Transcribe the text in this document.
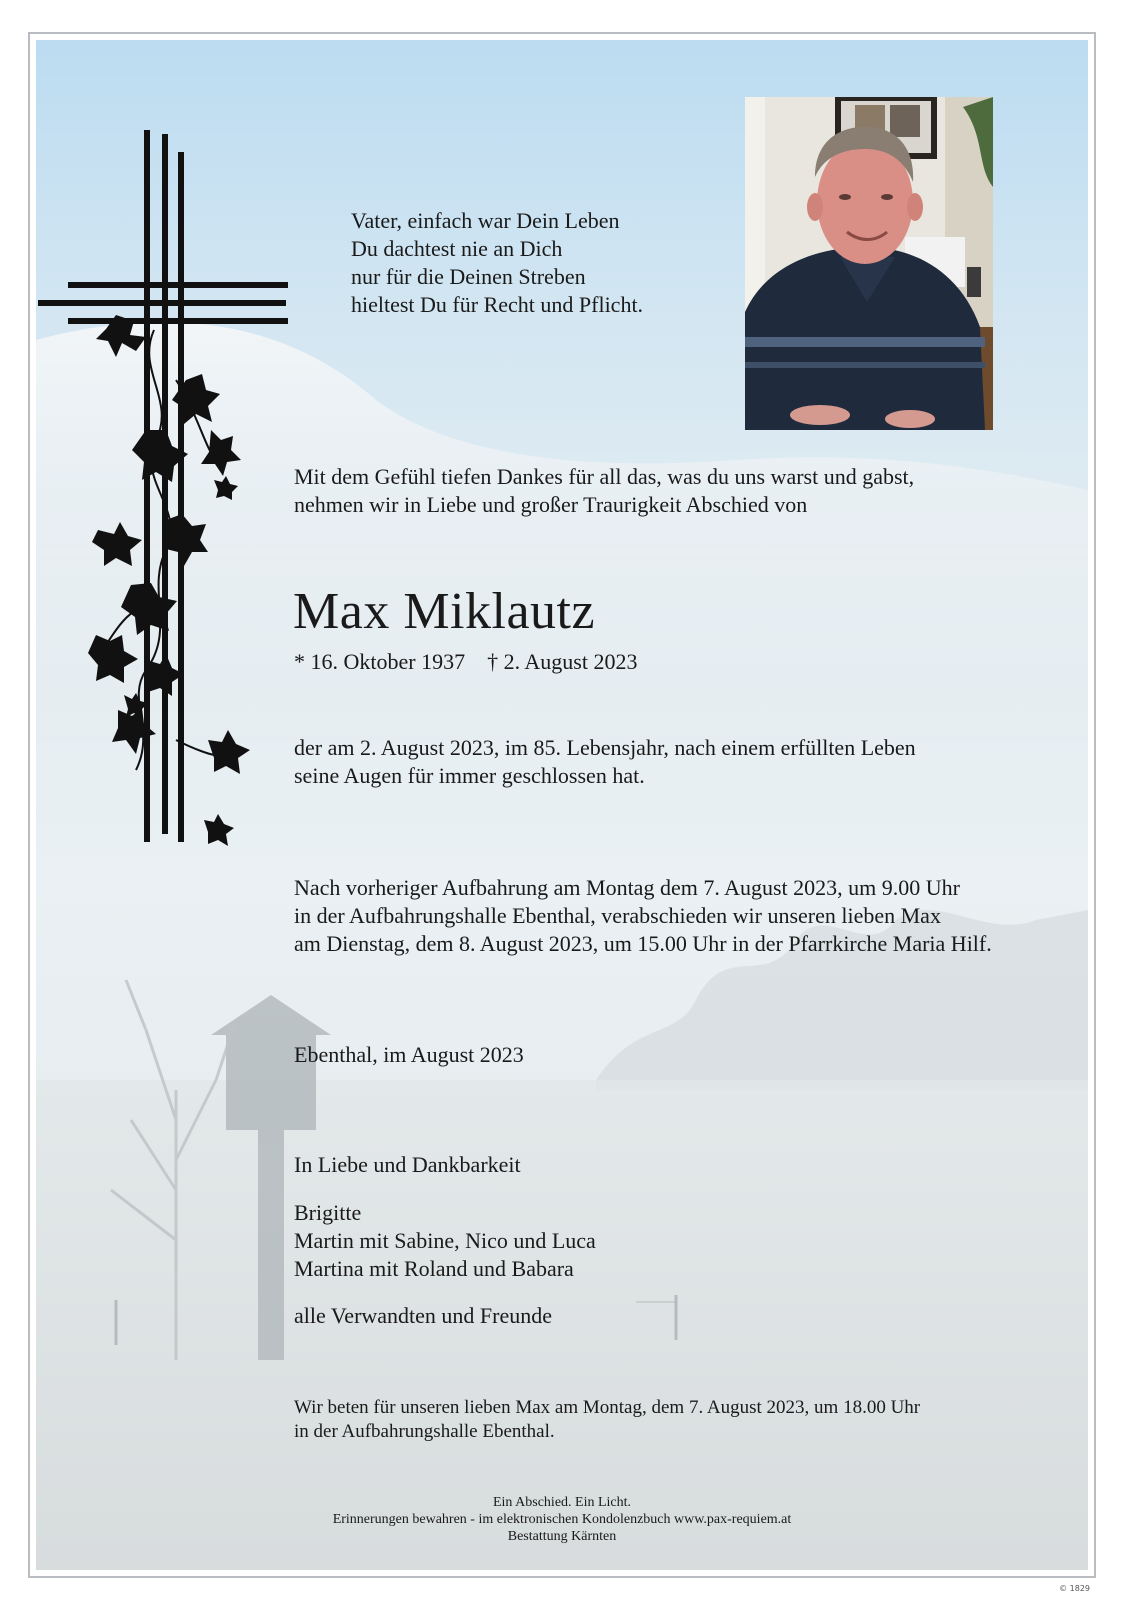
Vater, einfach war Dein Leben

Du dachtest nie an Dich

nur für die Deinen Streben

hieltest Du für Recht und Pflicht.

Mit dem Gefühl tiefen Dankes für all das, was du uns warst und gabst,

nehmen wir in Liebe und großer Traurigkeit Abschied von

Max Miklautz

* 16. Oktober 1937    † 2. August 2023

der am 2. August 2023, im 85. Lebensjahr, nach einem erfüllten Leben

seine Augen für immer geschlossen hat.

Nach vorheriger Aufbahrung am Montag dem 7. August 2023, um 9.00 Uhr

in der Aufbahrungshalle Ebenthal, verabschieden wir unseren lieben Max

am Dienstag, dem 8. August 2023, um 15.00 Uhr in der Pfarrkirche Maria Hilf.

Ebenthal, im August 2023

In Liebe und Dankbarkeit

Brigitte

Martin mit Sabine, Nico und Luca

Martina mit Roland und Babara

alle Verwandten und Freunde

Wir beten für unseren lieben Max am Montag, dem 7. August 2023, um 18.00 Uhr

in der Aufbahrungshalle Ebenthal.

Ein Abschied. Ein Licht.

Erinnerungen bewahren - im elektronischen Kondolenzbuch www.pax-requiem.at

Bestattung Kärnten

© 1829
